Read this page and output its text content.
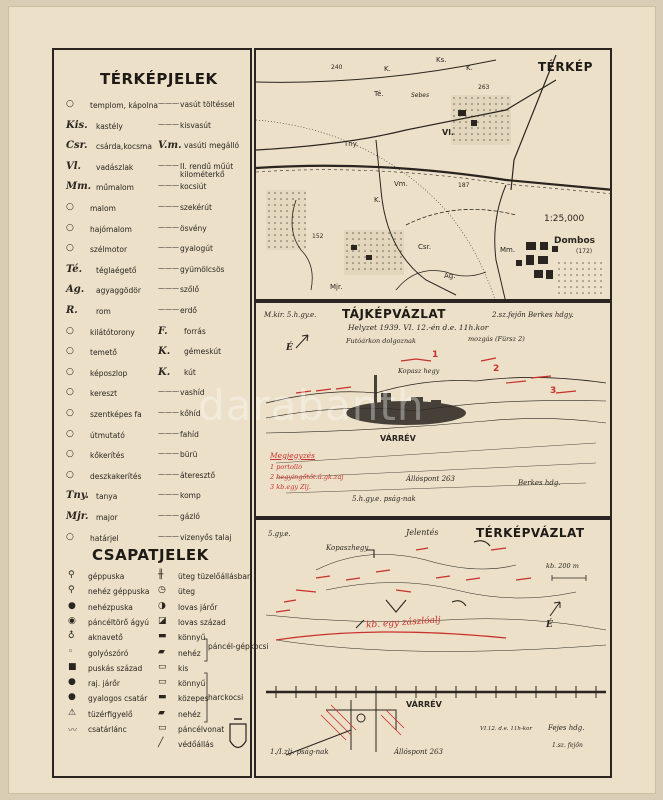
TÉRKÉPJELEK
CSAPATJELEK
páncél-gépkocsi
harckocsi
TÉRKÉP
1:25,000
Ks.
240
263
Sebes
Té.
K.
Vl.
Tny.
Vm.
K.
187
152
Csr.	Mm.
Dombos
(172)
Ag.
Mjr.
K.
1
2
3
TÁJKÉPVÁZLAT
M.kir. 5.h.gy.e.	2.sz.fejőn Berkes hdgy.
Helyzet 1939. VI. 12.-én d.e. 11h.kor
Futóárkon dolgoznak	mozgás (Fürsz 2)
Kopasz hegy
VÁRRÉV
É
Megjegyzés
1 portolló
2 hegyingőtőt.ű.gk.zaj
3 kb.egy Zlj.
Állóspont 263	Berkes hdg.
5.h.gy.e. pság-nak
TÉRKÉPVÁZLAT
Jelentés
5.gy.e.
Kopaszhegy
kb. 200 m
kb. egy zászlóalj
VÁRRÉV
É
Állóspont 263
1./I.zlj. pság-nak
Fejes hdg.
VI.12. d.e. 11h-kor
1.sz. fejőn
darabanth
○ templom, kápolna
Kis. kastély
Csr. csárda,kocsma
Vl. vadászlak
Mm. műmalom
○ malom
○ hajómalom
○ szélmotor
Té. téglaégető
Ag. agyaggödör
R. rom
○ kilátótorony
○ temető
○ képoszlop
○ kereszt
○ szentképes fa
○ útmutató
○ kőkerítés
○ deszkakerítés
Tny. tanya
Mjr. major
○ határjel
——— vasút töltéssel
——— kisvasút
V.m. vasúti megálló
——— II. rendű műút kilométerkő
——— kocsiút
——— szekérút
——— ösvény
——— gyalogút
——— gyümölcsös
——— szőlő
——— erdő
F. forrás
K. gémeskút
K. kút
——— vashíd
——— kőhíd
——— fahíd
——— bürü
——— áteresztő
——— komp
——— gázló
——— vizenyős talaj
⚲ géppuska
⚲ nehéz géppuska
● nehézpuska
◉ páncéltörő ágyú
♁ aknavető
◦ golyószóró
■ puskás század
● raj. járőr
● gyalogos csatár
⚠ tüzérfigyelő
〰 csatárlánc
╫ üteg tüzelőállásban
◷ üteg
◑ lovas járőr
◪ lovas század
▬ könnyű
▰ nehéz
▭ kis
▭ könnyű
▬ közepes
▰ nehéz
▭ páncélvonat
╱ védőállás
